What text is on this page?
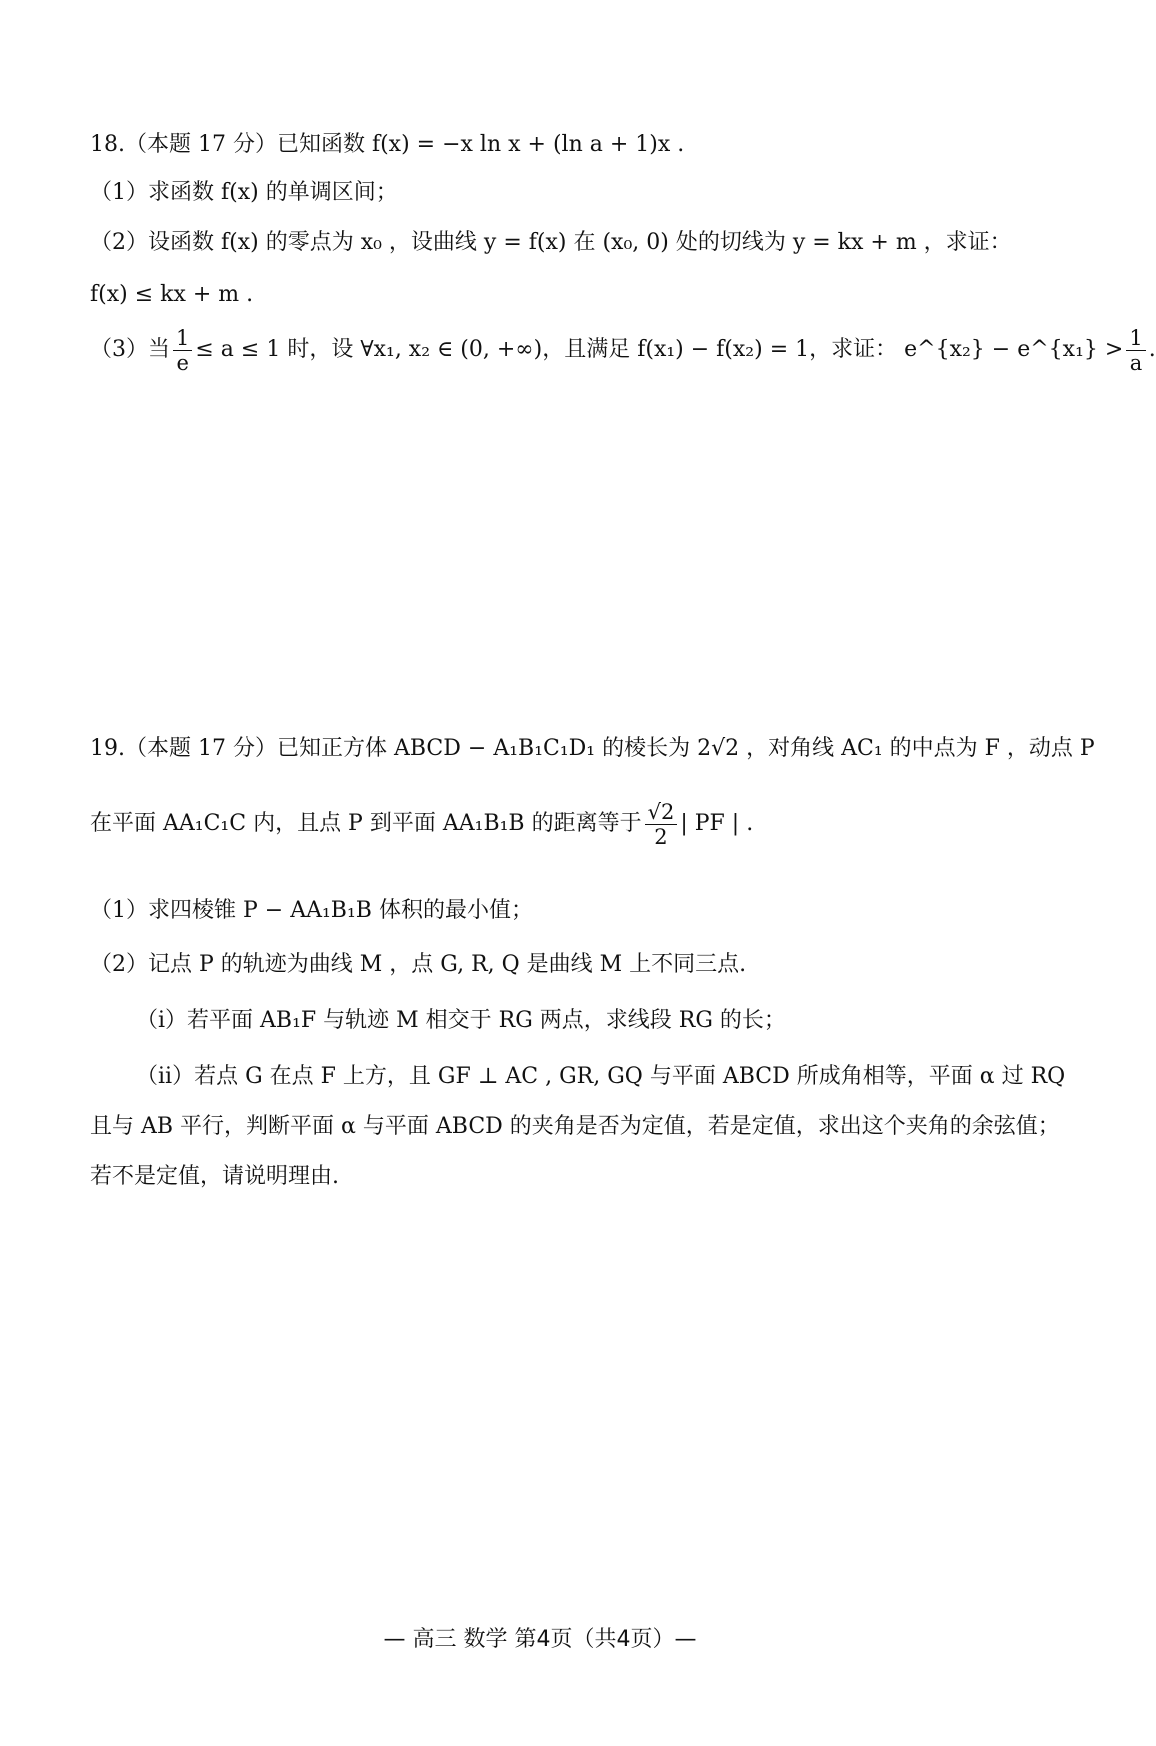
18.（本题 17 分）已知函数 f(x) = −x ln x + (ln a + 1)x .
（1）求函数 f(x) 的单调区间；
（2）设函数 f(x) 的零点为 x₀ ，设曲线 y = f(x) 在 (x₀, 0) 处的切线为 y = kx + m ，求证：
f(x) ≤ kx + m .
（3）当 $\frac{1}{e} \le a \le 1$ 时，设 ∀x₁, x₂ ∈ (0, +∞)，且满足 f(x₁) − f(x₂) = 1，求证： e^{x₂} − e^{x₁} > $\frac{1}{a}$ .
19.（本题 17 分）已知正方体 ABCD − A₁B₁C₁D₁ 的棱长为 2√2 ，对角线 AC₁ 的中点为 F ，动点 P
在平面 AA₁C₁C 内，且点 P 到平面 AA₁B₁B 的距离等于 $\frac{√2}{2}$ | PF | .
（1）求四棱锥 P − AA₁B₁B 体积的最小值；
（2）记点 P 的轨迹为曲线 M ，点 G, R, Q 是曲线 M 上不同三点.
（ⅰ）若平面 AB₁F 与轨迹 M 相交于 RG 两点，求线段 RG 的长；
（ⅱ）若点 G 在点 F 上方，且 GF ⊥ AC , GR, GQ 与平面 ABCD 所成角相等，平面 α 过 RQ
且与 AB 平行，判断平面 α 与平面 ABCD 的夹角是否为定值，若是定值，求出这个夹角的余弦值；
若不是定值，请说明理由.
— 高三 数学 第4页（共4页）—
